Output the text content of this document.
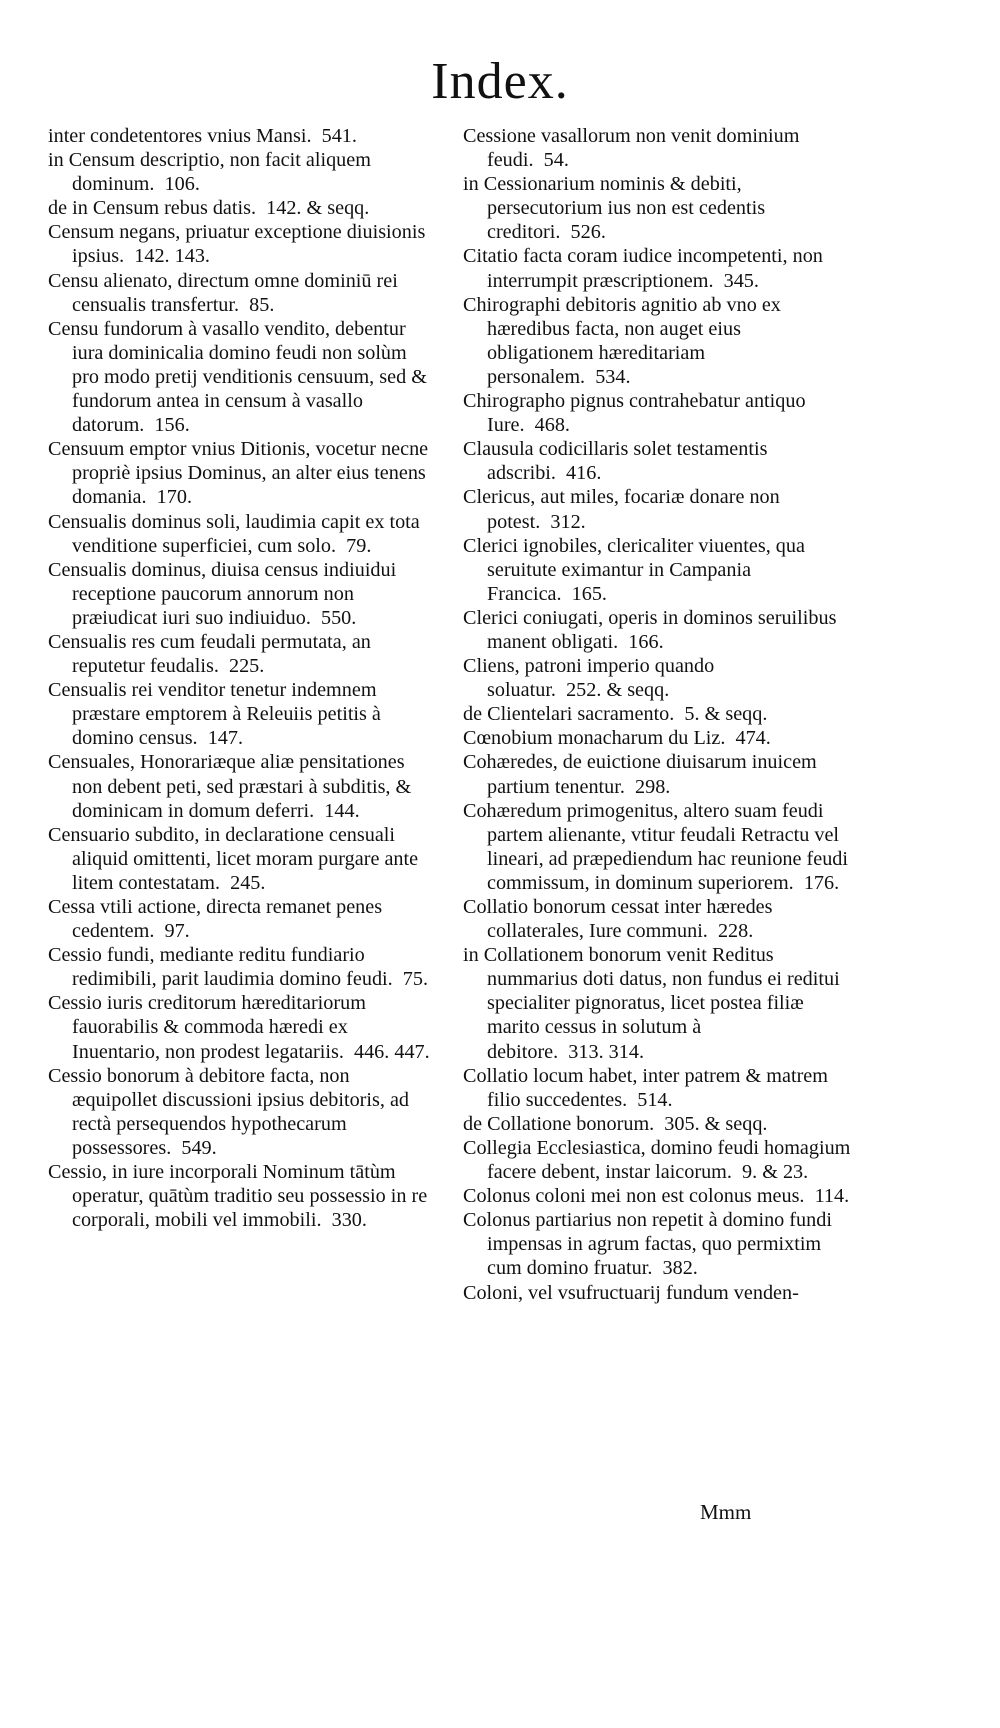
Index.

inter condetentores vnius Mansi. 541.

in Censum descriptio, non facit aliquem dominum. 106.

de in Censum rebus datis. 142. & seqq.

Censum negans, priuatur exceptione diuisionis ipsius. 142. 143.

Censu alienato, directum omne dominiū rei censualis transfertur. 85.

Censu fundorum à vasallo vendito, debentur iura dominicalia domino feudi non solùm pro modo pretij venditionis censuum, sed & fundorum antea in censum à vasallo datorum. 156.

Censuum emptor vnius Ditionis, vocetur necne propriè ipsius Dominus, an alter eius tenens domania. 170.

Censualis dominus soli, laudimia capit ex tota venditione superficiei, cum solo. 79.

Censualis dominus, diuisa census indiuidui receptione paucorum annorum non præiudicat iuri suo indiuiduo. 550.

Censualis res cum feudali permutata, an reputetur feudalis. 225.

Censualis rei venditor tenetur indemnem præstare emptorem à Releuiis petitis à domino census. 147.

Censuales, Honorariæque aliæ pensitationes non debent peti, sed præstari à subditis, & dominicam in domum deferri. 144.

Censuario subdito, in declaratione censuali aliquid omittenti, licet moram purgare ante litem contestatam. 245.

Cessa vtili actione, directa remanet penes cedentem. 97.

Cessio fundi, mediante reditu fundiario redimibili, parit laudimia domino feudi. 75.

Cessio iuris creditorum hæreditariorum fauorabilis & commoda hæredi ex Inuentario, non prodest legatariis. 446. 447.

Cessio bonorum à debitore facta, non æquipollet discussioni ipsius debitoris, ad rectà persequendos hypothecarum possessores. 549.

Cessio, in iure incorporali Nominum tātùm operatur, quātùm traditio seu possessio in re corporali, mobili vel immobili. 330.

Cessione vasallorum non venit dominium feudi. 54.

in Cessionarium nominis & debiti, persecutorium ius non est cedentis creditori. 526.

Citatio facta coram iudice incompetenti, non interrumpit præscriptionem. 345.

Chirographi debitoris agnitio ab vno ex hæredibus facta, non auget eius obligationem hæreditariam personalem. 534.

Chirographo pignus contrahebatur antiquo Iure. 468.

Clausula codicillaris solet testamentis adscribi. 416.

Clericus, aut miles, focariæ donare non potest. 312.

Clerici ignobiles, clericaliter viuentes, qua seruitute eximantur in Campania Francica. 165.

Clerici coniugati, operis in dominos seruilibus manent obligati. 166.

Cliens, patroni imperio quando soluatur. 252. & seqq.

de Clientelari sacramento. 5. & seqq.

Cœnobium monacharum du Liz. 474.

Cohæredes, de euictione diuisarum inuicem partium tenentur. 298.

Cohæredum primogenitus, altero suam feudi partem alienante, vtitur feudali Retractu vel lineari, ad præpediendum hac reunione feudi commissum, in dominum superiorem. 176.

Collatio bonorum cessat inter hæredes collaterales, Iure communi. 228.

in Collationem bonorum venit Reditus nummarius doti datus, non fundus ei reditui specialiter pignoratus, licet postea filiæ marito cessus in solutum à debitore. 313. 314.

Collatio locum habet, inter patrem & matrem filio succedentes. 514.

de Collatione bonorum. 305. & seqq.

Collegia Ecclesiastica, domino feudi homagium facere debent, instar laicorum. 9. & 23.

Colonus coloni mei non est colonus meus. 114.

Colonus partiarius non repetit à domino fundi impensas in agrum factas, quo permixtim cum domino fruatur. 382.

Coloni, vel vsufructuarij fundum venden-

Mmm
